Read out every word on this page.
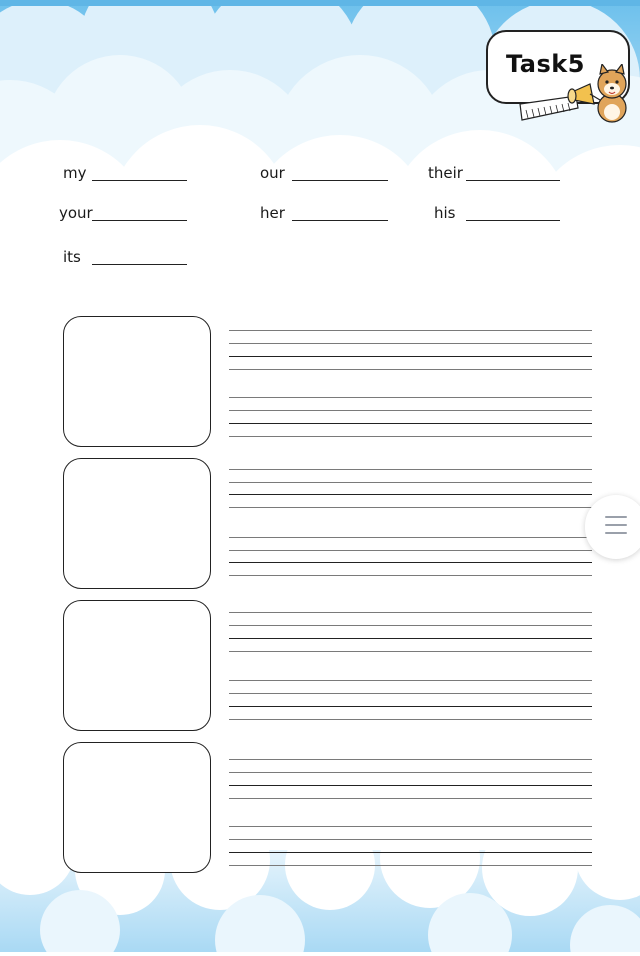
Task5
my	our	their
your	her	his
its
